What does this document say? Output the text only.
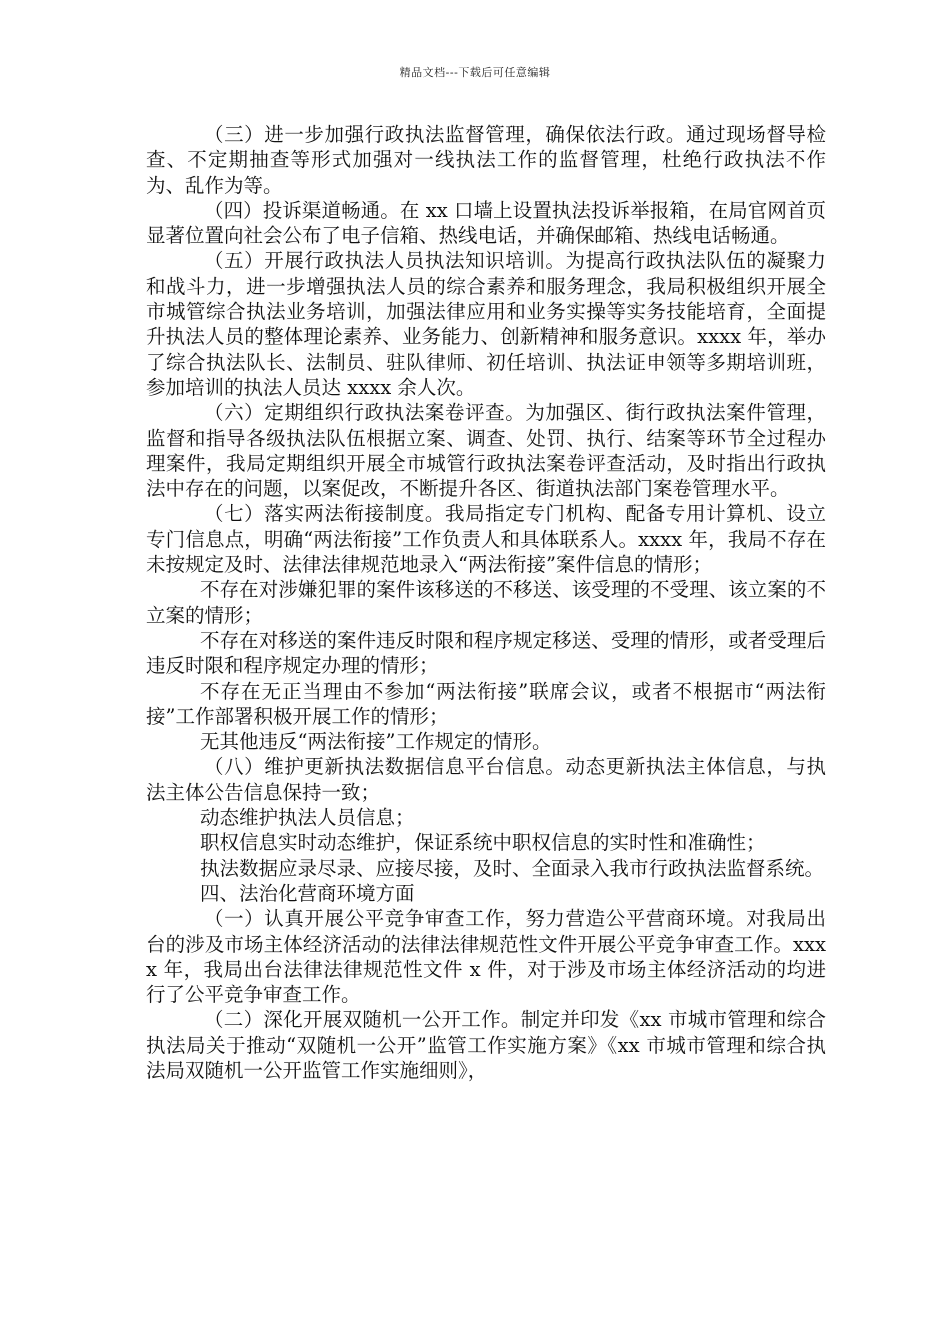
精品文档---下载后可任意编辑

（三）进一步加强行政执法监督管理，确保依法行政。通过现场督导检查、不定期抽查等形式加强对一线执法工作的监督管理，杜绝行政执法不作为、乱作为等。

（四）投诉渠道畅通。在 xx 口墙上设置执法投诉举报箱，在局官网首页显著位置向社会公布了电子信箱、热线电话，并确保邮箱、热线电话畅通。

（五）开展行政执法人员执法知识培训。为提高行政执法队伍的凝聚力和战斗力，进一步增强执法人员的综合素养和服务理念，我局积极组织开展全市城管综合执法业务培训，加强法律应用和业务实操等实务技能培育，全面提升执法人员的整体理论素养、业务能力、创新精神和服务意识。xxxx 年，举办了综合执法队长、法制员、驻队律师、初任培训、执法证申领等多期培训班，参加培训的执法人员达 xxxx 余人次。

（六）定期组织行政执法案卷评查。为加强区、街行政执法案件管理，监督和指导各级执法队伍根据立案、调查、处罚、执行、结案等环节全过程办理案件，我局定期组织开展全市城管行政执法案卷评查活动，及时指出行政执法中存在的问题，以案促改，不断提升各区、街道执法部门案卷管理水平。

（七）落实两法衔接制度。我局指定专门机构、配备专用计算机、设立专门信息点，明确“两法衔接”工作负责人和具体联系人。xxxx 年，我局不存在未按规定及时、法律法律规范地录入“两法衔接”案件信息的情形；

不存在对涉嫌犯罪的案件该移送的不移送、该受理的不受理、该立案的不立案的情形；

不存在对移送的案件违反时限和程序规定移送、受理的情形，或者受理后违反时限和程序规定办理的情形；

不存在无正当理由不参加“两法衔接”联席会议，或者不根据市“两法衔接”工作部署积极开展工作的情形；

无其他违反“两法衔接”工作规定的情形。

（八）维护更新执法数据信息平台信息。动态更新执法主体信息，与执法主体公告信息保持一致；

动态维护执法人员信息；

职权信息实时动态维护，保证系统中职权信息的实时性和准确性；

执法数据应录尽录、应接尽接，及时、全面录入我市行政执法监督系统。

四、法治化营商环境方面

（一）认真开展公平竞争审查工作，努力营造公平营商环境。对我局出台的涉及市场主体经济活动的法律法律规范性文件开展公平竞争审查工作。xxxx 年，我局出台法律法律规范性文件 x 件，对于涉及市场主体经济活动的均进行了公平竞争审查工作。

（二）深化开展双随机一公开工作。制定并印发《xx 市城市管理和综合执法局关于推动“双随机一公开”监管工作实施方案》《xx 市城市管理和综合执法局双随机一公开监管工作实施细则》，
